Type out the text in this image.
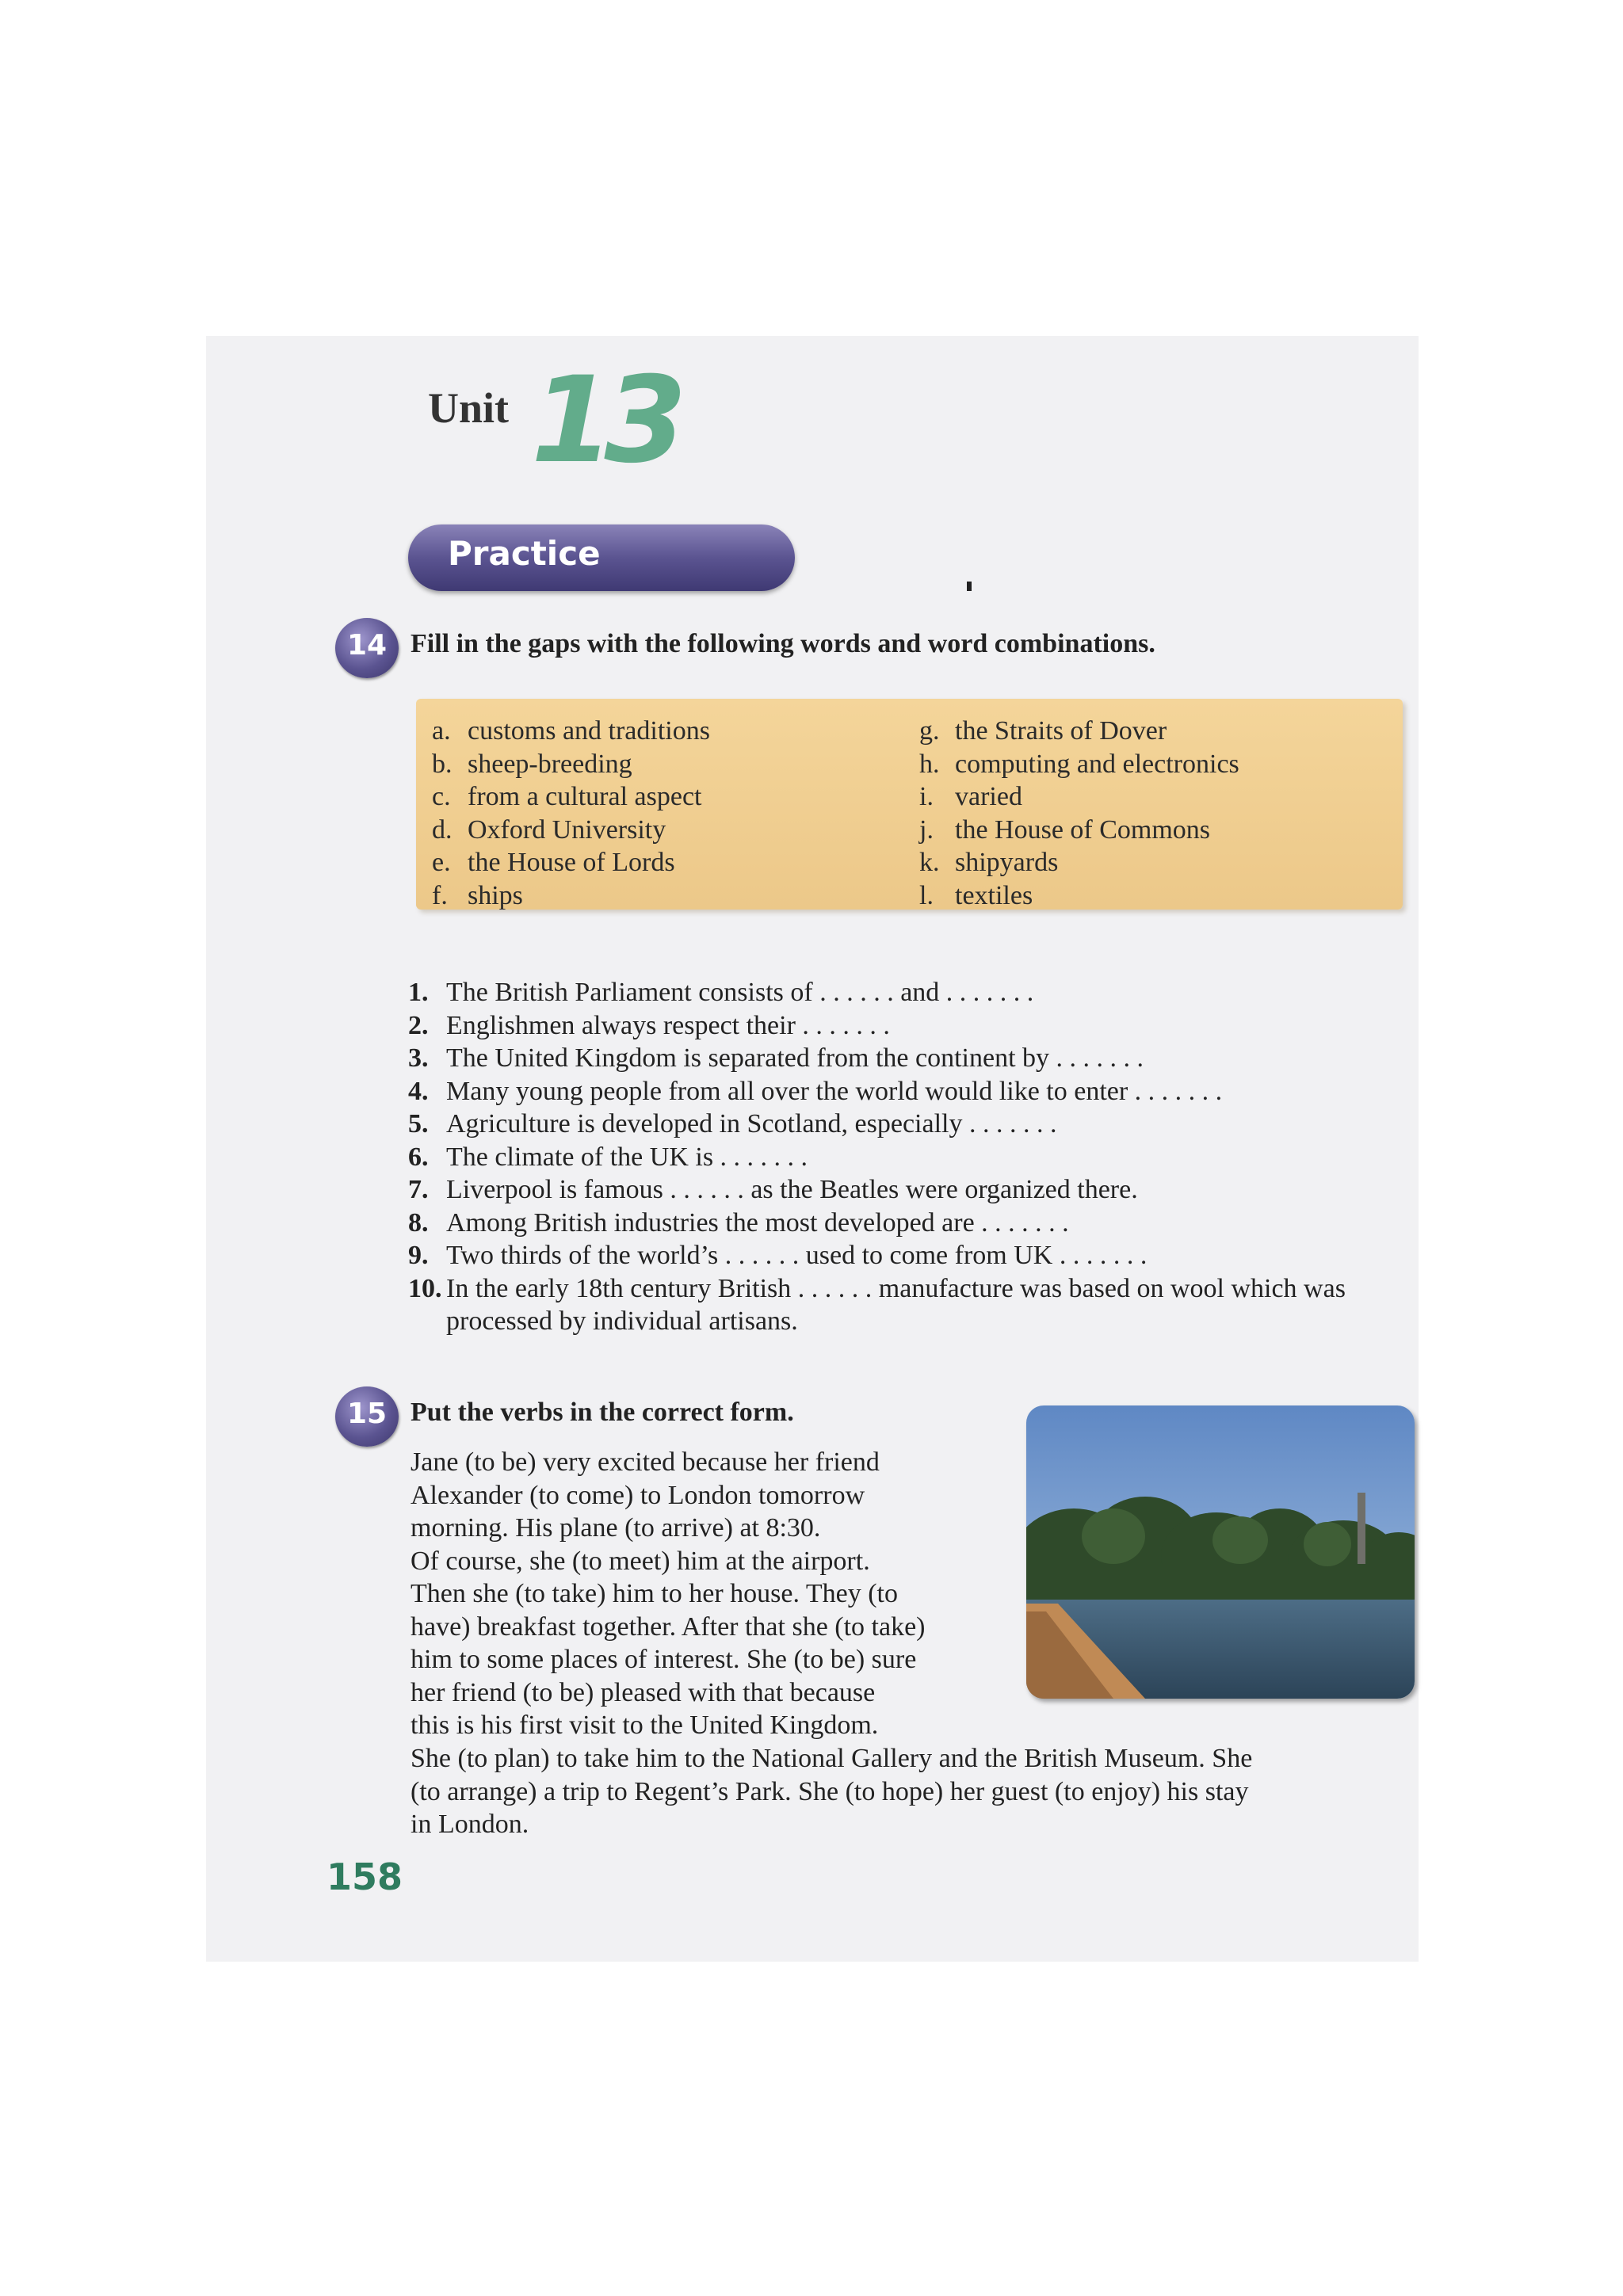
13
Unit
Practice
14 Fill in the gaps with the following words and word combinations.
a. customs and traditions
b. sheep-breeding
c. from a cultural aspect
d. Oxford University
e. the House of Lords
f. ships
g. the Straits of Dover
h. computing and electronics
i. varied
j. the House of Commons
k. shipyards
l. textiles
1. The British Parliament consists of . . . . . . and . . . . . . .
2. Englishmen always respect their . . . . . . .
3. The United Kingdom is separated from the continent by . . . . . . .
4. Many young people from all over the world would like to enter . . . . . . .
5. Agriculture is developed in Scotland, especially . . . . . . .
6. The climate of the UK is . . . . . . .
7. Liverpool is famous . . . . . . as the Beatles were organized there.
8. Among British industries the most developed are . . . . . . .
9. Two thirds of the world’s . . . . . . used to come from UK . . . . . . .
10. In the early 18th century British . . . . . . manufacture was based on wool which was processed by individual artisans.
15 Put the verbs in the correct form.
Jane (to be) very excited because her friend
Alexander (to come) to London tomorrow
morning. His plane (to arrive) at 8:30.
Of course, she (to meet) him at the airport.
Then she (to take) him to her house. They (to
have) breakfast together. After that she (to take)
him to some places of interest. She (to be) sure
her friend (to be) pleased with that because
this is his first visit to the United Kingdom.
She (to plan) to take him to the National Gallery and the British Museum. She
(to arrange) a trip to Regent’s Park. She (to hope) her guest (to enjoy) his stay
in London.
158
